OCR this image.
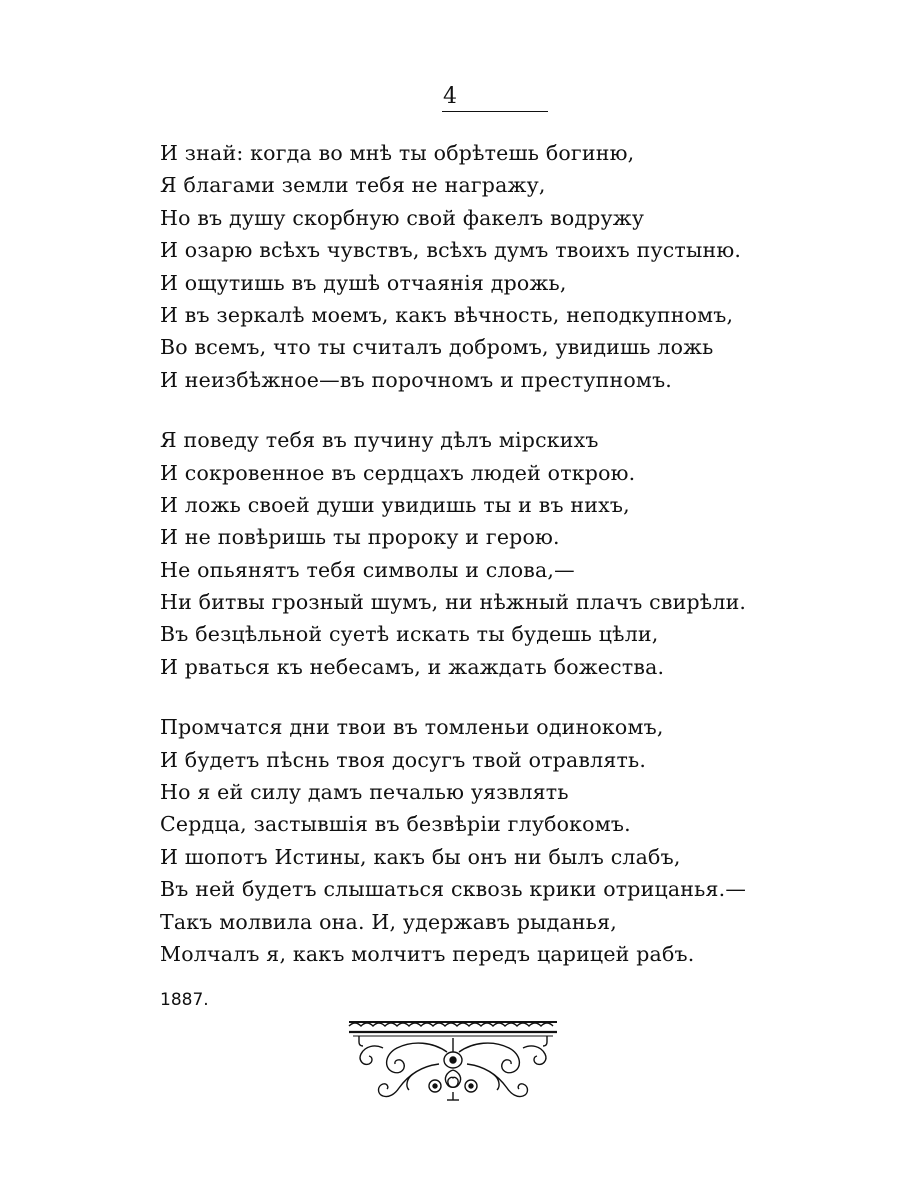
4
И знай: когда во мнѣ ты обрѣтешь богиню,
Я благами земли тебя не награжу,
Но въ душу скорбную свой факелъ водружу
И озарю всѣхъ чувствъ, всѣхъ думъ твоихъ пустыню.
И ощутишь въ душѣ отчаянія дрожь,
И въ зеркалѣ моемъ, какъ вѣчность, неподкупномъ,
Во всемъ, что ты считалъ добромъ, увидишь ложь
И неизбѣжное—въ порочномъ и преступномъ.
Я поведу тебя въ пучину дѣлъ мірскихъ
И сокровенное въ сердцахъ людей открою.
И ложь своей души увидишь ты и въ нихъ,
И не повѣришь ты пророку и герою.
Не опьянятъ тебя символы и слова,—
Ни битвы грозный шумъ, ни нѣжный плачъ свирѣли.
Въ безцѣльной суетѣ искать ты будешь цѣли,
И рваться къ небесамъ, и жаждать божества.
Промчатся дни твои въ томленьи одинокомъ,
И будетъ пѣснь твоя досугъ твой отравлять.
Но я ей силу дамъ печалью уязвлять
Сердца, застывшія въ безвѣріи глубокомъ.
И шопотъ Истины, какъ бы онъ ни былъ слабъ,
Въ ней будетъ слышаться сквозь крики отрицанья.—
Такъ молвила она. И, удержавъ рыданья,
Молчалъ я, какъ молчитъ передъ царицей рабъ.
1887.
